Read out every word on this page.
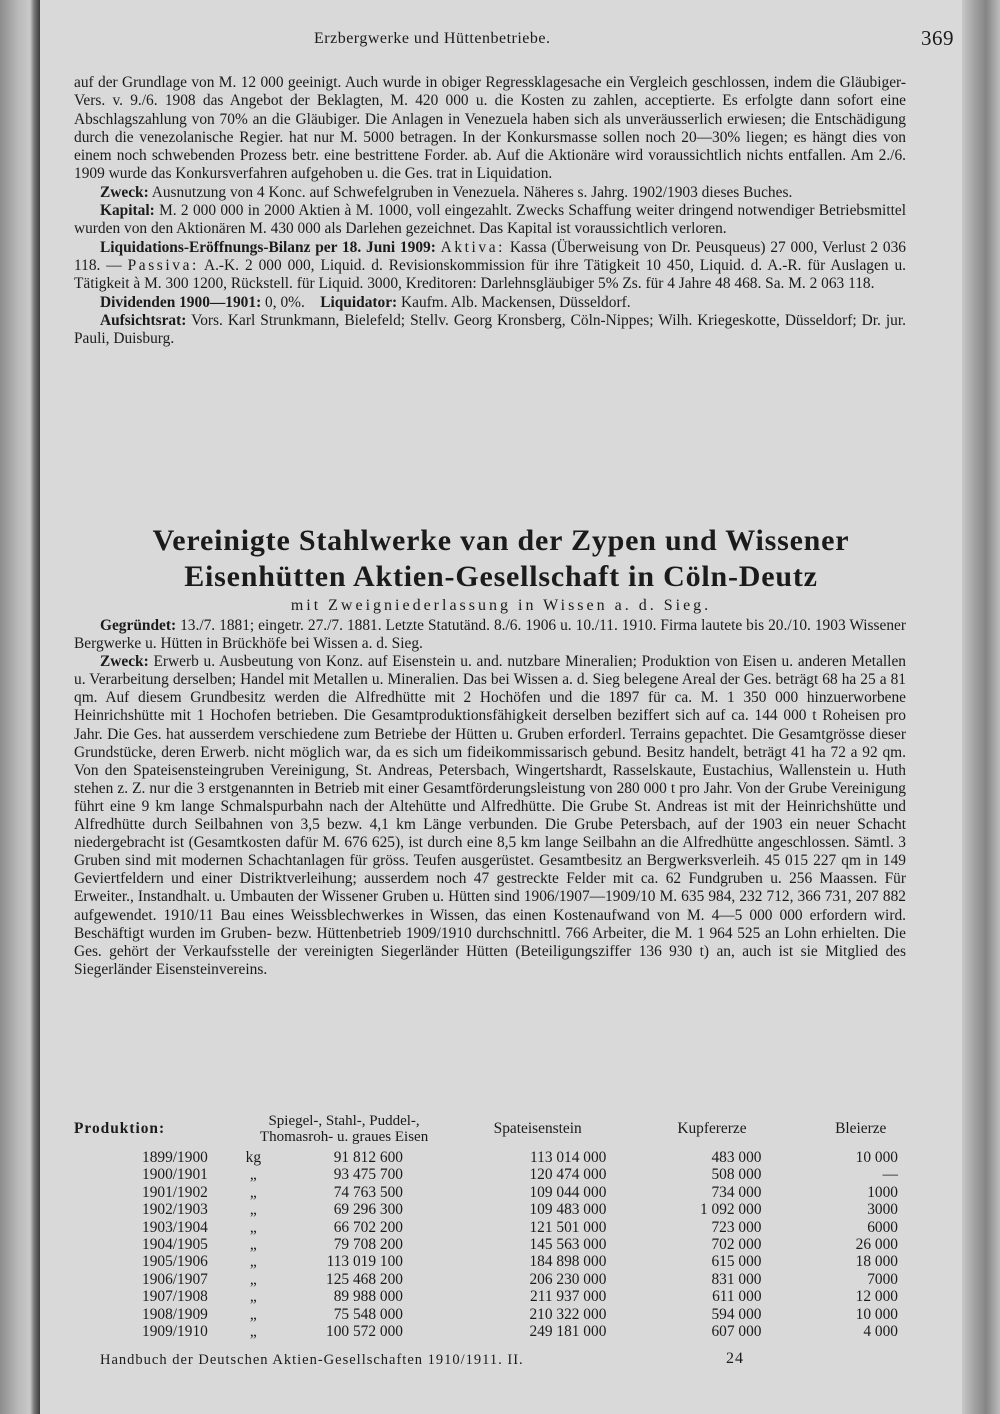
Erzbergwerke und Hüttenbetriebe.	369

auf der Grundlage von M. 12 000 geeinigt. Auch wurde in obiger Regressklagesache ein Vergleich geschlossen, indem die Gläubiger-Vers. v. 9./6. 1908 das Angebot der Beklagten, M. 420 000 u. die Kosten zu zahlen, acceptierte. Es erfolgte dann sofort eine Abschlagszahlung von 70% an die Gläubiger. Die Anlagen in Venezuela haben sich als unveräusserlich erwiesen; die Entschädigung durch die venezolanische Regier. hat nur M. 5000 betragen. In der Konkursmasse sollen noch 20—30% liegen; es hängt dies von einem noch schwebenden Prozess betr. eine bestrittene Forder. ab. Auf die Aktionäre wird voraussichtlich nichts entfallen. Am 2./6. 1909 wurde das Konkursverfahren aufgehoben u. die Ges. trat in Liquidation.

Zweck: Ausnutzung von 4 Konc. auf Schwefelgruben in Venezuela. Näheres s. Jahrg. 1902/1903 dieses Buches.

Kapital: M. 2 000 000 in 2000 Aktien à M. 1000, voll eingezahlt. Zwecks Schaffung weiter dringend notwendiger Betriebsmittel wurden von den Aktionären M. 430 000 als Darlehen gezeichnet. Das Kapital ist voraussichtlich verloren.

Liquidations-Eröffnungs-Bilanz per 18. Juni 1909: Aktiva: Kassa (Überweisung von Dr. Peusqueus) 27 000, Verlust 2 036 118. — Passiva: A.-K. 2 000 000, Liquid. d. Revisionskommission für ihre Tätigkeit 10 450, Liquid. d. A.-R. für Auslagen u. Tätigkeit à M. 300 1200, Rückstell. für Liquid. 3000, Kreditoren: Darlehnsgläubiger 5% Zs. für 4 Jahre 48 468. Sa. M. 2 063 118.

Dividenden 1900—1901: 0, 0%. Liquidator: Kaufm. Alb. Mackensen, Düsseldorf.

Aufsichtsrat: Vors. Karl Strunkmann, Bielefeld; Stellv. Georg Kronsberg, Cöln-Nippes; Wilh. Kriegeskotte, Düsseldorf; Dr. jur. Pauli, Duisburg.

Vereinigte Stahlwerke van der Zypen und Wissener
Eisenhütten Aktien-Gesellschaft in Cöln-Deutz
mit Zweigniederlassung in Wissen a. d. Sieg.

Gegründet: 13./7. 1881; eingetr. 27./7. 1881. Letzte Statutänd. 8./6. 1906 u. 10./11. 1910. Firma lautete bis 20./10. 1903 Wissener Bergwerke u. Hütten in Brückhöfe bei Wissen a. d. Sieg.

Zweck: Erwerb u. Ausbeutung von Konz. auf Eisenstein u. and. nutzbare Mineralien; Produktion von Eisen u. anderen Metallen u. Verarbeitung derselben; Handel mit Metallen u. Mineralien. Das bei Wissen a. d. Sieg belegene Areal der Ges. beträgt 68 ha 25 a 81 qm. Auf diesem Grundbesitz werden die Alfredhütte mit 2 Hochöfen und die 1897 für ca. M. 1 350 000 hinzuerworbene Heinrichshütte mit 1 Hochofen betrieben. Die Gesamtproduktionsfähigkeit derselben beziffert sich auf ca. 144 000 t Roheisen pro Jahr. Die Ges. hat ausserdem verschiedene zum Betriebe der Hütten u. Gruben erforderl. Terrains gepachtet. Die Gesamtgrösse dieser Grundstücke, deren Erwerb. nicht möglich war, da es sich um fideikommissarisch gebund. Besitz handelt, beträgt 41 ha 72 a 92 qm. Von den Spateisensteingruben Vereinigung, St. Andreas, Petersbach, Wingertshardt, Rasselskaute, Eustachius, Wallenstein u. Huth stehen z. Z. nur die 3 erstgenannten in Betrieb mit einer Gesamtförderungsleistung von 280 000 t pro Jahr. Von der Grube Vereinigung führt eine 9 km lange Schmalspurbahn nach der Altehütte und Alfredhütte. Die Grube St. Andreas ist mit der Heinrichshütte und Alfredhütte durch Seilbahnen von 3,5 bezw. 4,1 km Länge verbunden. Die Grube Petersbach, auf der 1903 ein neuer Schacht niedergebracht ist (Gesamtkosten dafür M. 676 625), ist durch eine 8,5 km lange Seilbahn an die Alfredhütte angeschlossen. Sämtl. 3 Gruben sind mit modernen Schachtanlagen für gröss. Teufen ausgerüstet. Gesamtbesitz an Bergwerksverleih. 45 015 227 qm in 149 Geviertfeldern und einer Distriktverleihung; ausserdem noch 47 gestreckte Felder mit ca. 62 Fundgruben u. 256 Maassen. Für Erweiter., Instandhalt. u. Umbauten der Wissener Gruben u. Hütten sind 1906/1907—1909/10 M. 635 984, 232 712, 366 731, 207 882 aufgewendet. 1910/11 Bau eines Weissblechwerkes in Wissen, das einen Kostenaufwand von M. 4—5 000 000 erfordern wird. Beschäftigt wurden im Gruben- bezw. Hüttenbetrieb 1909/1910 durchschnittl. 766 Arbeiter, die M. 1 964 525 an Lohn erhielten. Die Ges. gehört der Verkaufsstelle der vereinigten Siegerländer Hütten (Beteiligungsziffer 136 930 t) an, auch ist sie Mitglied des Siegerländer Eisensteinvereins.

Produktion:	Spiegel-, Stahl-, Puddel-, Thomasroh- u. graues Eisen		Spateisenstein	Kupfererze	Bleierze
1899/1900	kg	91 812 600	113 014 000	483 000	10 000
1900/1901	„	93 475 700	120 474 000	508 000	—
1901/1902	„	74 763 500	109 044 000	734 000	1000
1902/1903	„	69 296 300	109 483 000	1 092 000	3000
1903/1904	„	66 702 200	121 501 000	723 000	6000
1904/1905	„	79 708 200	145 563 000	702 000	26 000
1905/1906	„	113 019 100	184 898 000	615 000	18 000
1906/1907	„	125 468 200	206 230 000	831 000	7000
1907/1908	„	89 988 000	211 937 000	611 000	12 000
1908/1909	„	75 548 000	210 322 000	594 000	10 000
1909/1910	„	100 572 000	249 181 000	607 000	4 000
Handbuch der Deutschen Aktien-Gesellschaften 1910/1911. II.	24
